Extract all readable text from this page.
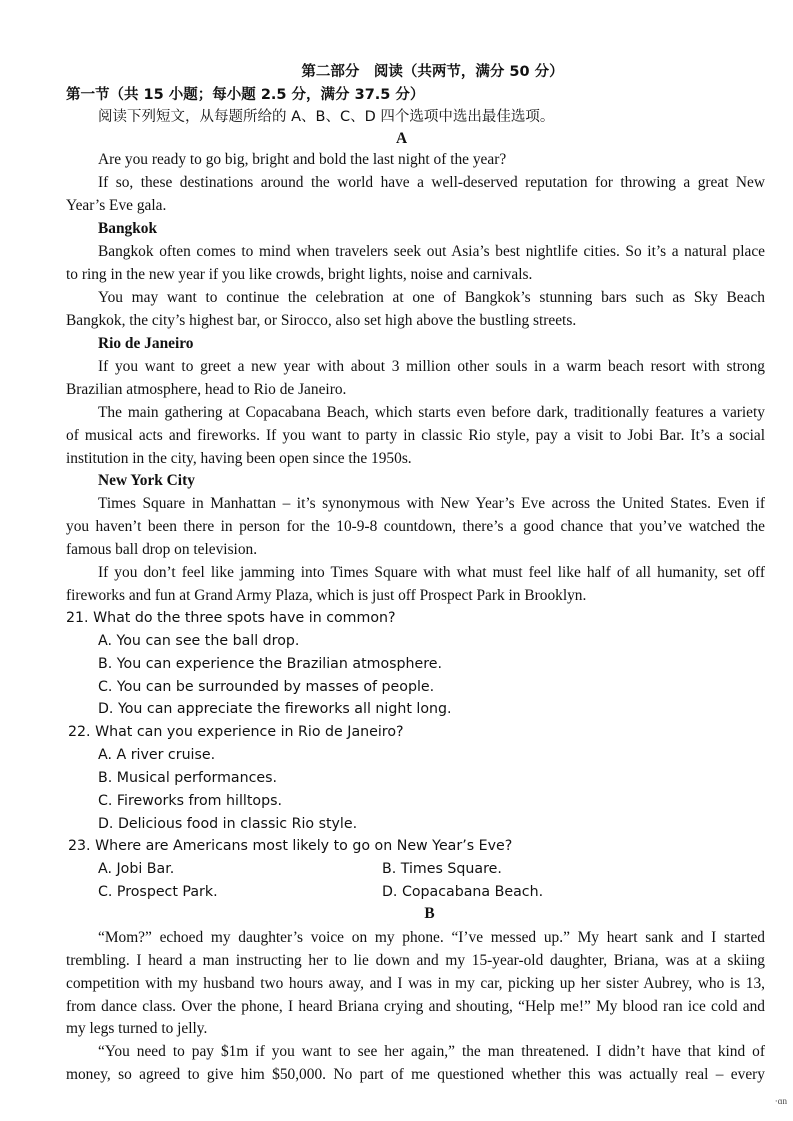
第二部分　阅读（共两节，满分 50 分）
第一节（共 15 小题；每小题 2.5 分，满分 37.5 分）
阅读下列短文，从每题所给的 A、B、C、D 四个选项中选出最佳选项。
A
Are you ready to go big, bright and bold the last night of the year?
If so, these destinations around the world have a well-deserved reputation for throwing a great New
Year’s Eve gala.
Bangkok
Bangkok often comes to mind when travelers seek out Asia’s best nightlife cities. So it’s a natural place
to ring in the new year if you like crowds, bright lights, noise and carnivals.
You may want to continue the celebration at one of Bangkok’s stunning bars such as Sky Beach
Bangkok, the city’s highest bar, or Sirocco, also set high above the bustling streets.
Rio de Janeiro
If you want to greet a new year with about 3 million other souls in a warm beach resort with strong
Brazilian atmosphere, head to Rio de Janeiro.
The main gathering at Copacabana Beach, which starts even before dark, traditionally features a variety
of musical acts and fireworks. If you want to party in classic Rio style, pay a visit to Jobi Bar. It’s a social
institution in the city, having been open since the 1950s.
New York City
Times Square in Manhattan – it’s synonymous with New Year’s Eve across the United States. Even if
you haven’t been there in person for the 10-9-8 countdown, there’s a good chance that you’ve watched the
famous ball drop on television.
If you don’t feel like jamming into Times Square with what must feel like half of all humanity, set off
fireworks and fun at Grand Army Plaza, which is just off Prospect Park in Brooklyn.
21. What do the three spots have in common?
A. You can see the ball drop.
B. You can experience the Brazilian atmosphere.
C. You can be surrounded by masses of people.
D. You can appreciate the fireworks all night long.
22. What can you experience in Rio de Janeiro?
A. A river cruise.
B. Musical performances.
C. Fireworks from hilltops.
D. Delicious food in classic Rio style.
23. Where are Americans most likely to go on New Year’s Eve?
A. Jobi Bar.	B. Times Square.
C. Prospect Park.	D. Copacabana Beach.
B
“Mom?” echoed my daughter’s voice on my phone. “I’ve messed up.” My heart sank and I started
trembling. I heard a man instructing her to lie down and my 15-year-old daughter, Briana, was at a skiing
competition with my husband two hours away, and I was in my car, picking up her sister Aubrey, who is 13,
from dance class. Over the phone, I heard Briana crying and shouting, “Help me!” My blood ran ice cold and
my legs turned to jelly.
“You need to pay $1m if you want to see her again,” the man threatened. I didn’t have that kind of
money, so agreed to give him $50,000. No part of me questioned whether this was actually real – every
·ɑn
